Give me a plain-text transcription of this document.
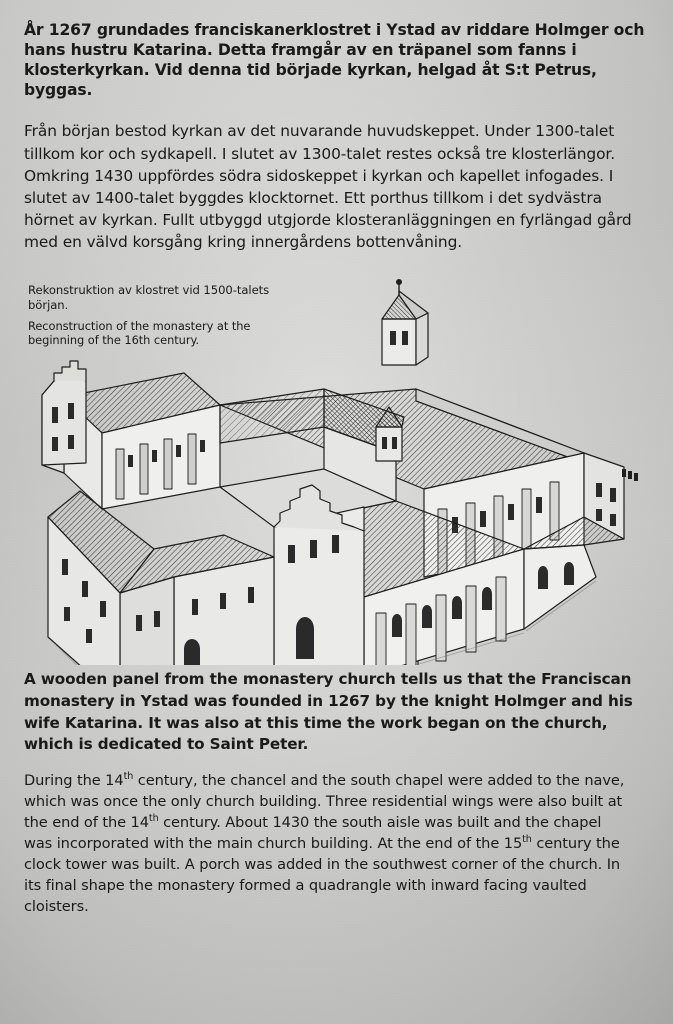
År 1267 grundades franciskanerklostret i Ystad av riddare Holmger och hans hustru Katarina. Detta framgår av en träpanel som fanns i klosterkyrkan. Vid denna tid började kyrkan, helgad åt S:t Petrus, byggas.

Från början bestod kyrkan av det nuvarande huvudskeppet. Under 1300-talet tillkom kor och sydkapell. I slutet av 1300-talet restes också tre klosterlängor. Omkring 1430 uppfördes södra sidoskeppet i kyrkan och kapellet infogades. I slutet av 1400-talet byggdes klocktornet. Ett porthus tillkom i det sydvästra hörnet av kyrkan. Fullt utbyggd utgjorde klosteranläggningen en fyrlängad gård med en välvd korsgång kring innergårdens bottenvåning.

Rekonstruktion av klostret vid 1500-talets början.
Reconstruction of the monastery at the beginning of the 16th century.

A wooden panel from the monastery church tells us that the Franciscan monastery in Ystad was founded in 1267 by the knight Holmger and his wife Katarina. It was also at this time the work began on the church, which is dedicated to Saint Peter.

During the 14th century, the chancel and the south chapel were added to the nave, which was once the only church building. Three residential wings were also built at the end of the 14th century. About 1430 the south aisle was built and the chapel was incorporated with the main church building. At the end of the 15th century the clock tower was built. A porch was added in the southwest corner of the church. In its final shape the monastery formed a quadrangle with inward facing vaulted cloisters.
